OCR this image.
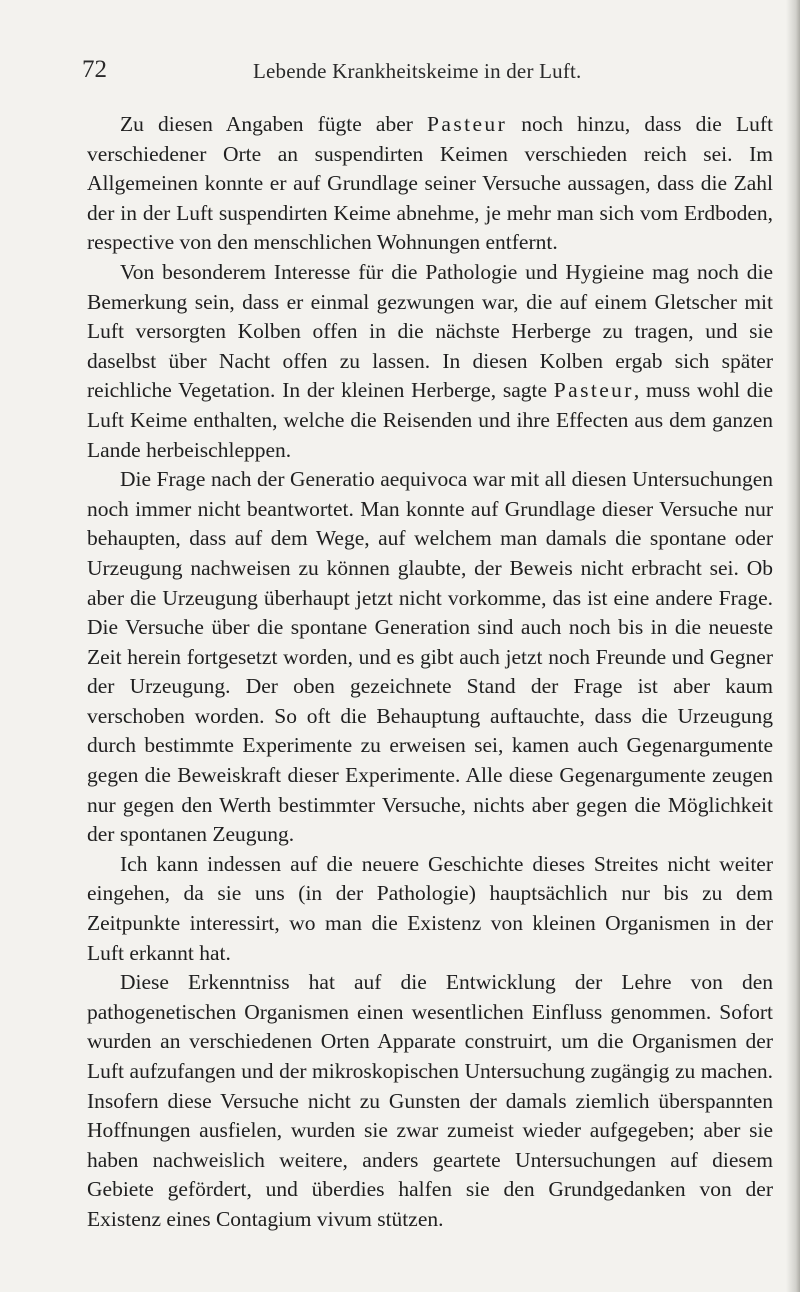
72	Lebende Krankheitskeime in der Luft.

Zu diesen Angaben fügte aber Pasteur noch hinzu, dass die Luft verschiedener Orte an suspendirten Keimen verschieden reich sei. Im Allgemeinen konnte er auf Grundlage seiner Versuche aussagen, dass die Zahl der in der Luft suspendirten Keime abnehme, je mehr man sich vom Erdboden, respective von den menschlichen Wohnungen entfernt.

Von besonderem Interesse für die Pathologie und Hygieine mag noch die Bemerkung sein, dass er einmal gezwungen war, die auf einem Gletscher mit Luft versorgten Kolben offen in die nächste Herberge zu tragen, und sie daselbst über Nacht offen zu lassen. In diesen Kolben ergab sich später reichliche Vegetation. In der kleinen Herberge, sagte Pasteur, muss wohl die Luft Keime enthalten, welche die Reisenden und ihre Effecten aus dem ganzen Lande herbeischleppen.

Die Frage nach der Generatio aequivoca war mit all diesen Untersuchungen noch immer nicht beantwortet. Man konnte auf Grundlage dieser Versuche nur behaupten, dass auf dem Wege, auf welchem man damals die spontane oder Urzeugung nachweisen zu können glaubte, der Beweis nicht erbracht sei. Ob aber die Urzeugung überhaupt jetzt nicht vorkomme, das ist eine andere Frage. Die Versuche über die spontane Generation sind auch noch bis in die neueste Zeit herein fortgesetzt worden, und es gibt auch jetzt noch Freunde und Gegner der Urzeugung. Der oben gezeichnete Stand der Frage ist aber kaum verschoben worden. So oft die Behauptung auftauchte, dass die Urzeugung durch bestimmte Experimente zu erweisen sei, kamen auch Gegenargumente gegen die Beweiskraft dieser Experimente. Alle diese Gegenargumente zeugen nur gegen den Werth bestimmter Versuche, nichts aber gegen die Möglichkeit der spontanen Zeugung.

Ich kann indessen auf die neuere Geschichte dieses Streites nicht weiter eingehen, da sie uns (in der Pathologie) hauptsächlich nur bis zu dem Zeitpunkte interessirt, wo man die Existenz von kleinen Organismen in der Luft erkannt hat.

Diese Erkenntniss hat auf die Entwicklung der Lehre von den pathogenetischen Organismen einen wesentlichen Einfluss genommen. Sofort wurden an verschiedenen Orten Apparate construirt, um die Organismen der Luft aufzufangen und der mikroskopischen Untersuchung zugängig zu machen. Insofern diese Versuche nicht zu Gunsten der damals ziemlich überspannten Hoffnungen ausfielen, wurden sie zwar zumeist wieder aufgegeben; aber sie haben nachweislich weitere, anders geartete Untersuchungen auf diesem Gebiete gefördert, und überdies halfen sie den Grundgedanken von der Existenz eines Contagium vivum stützen.
